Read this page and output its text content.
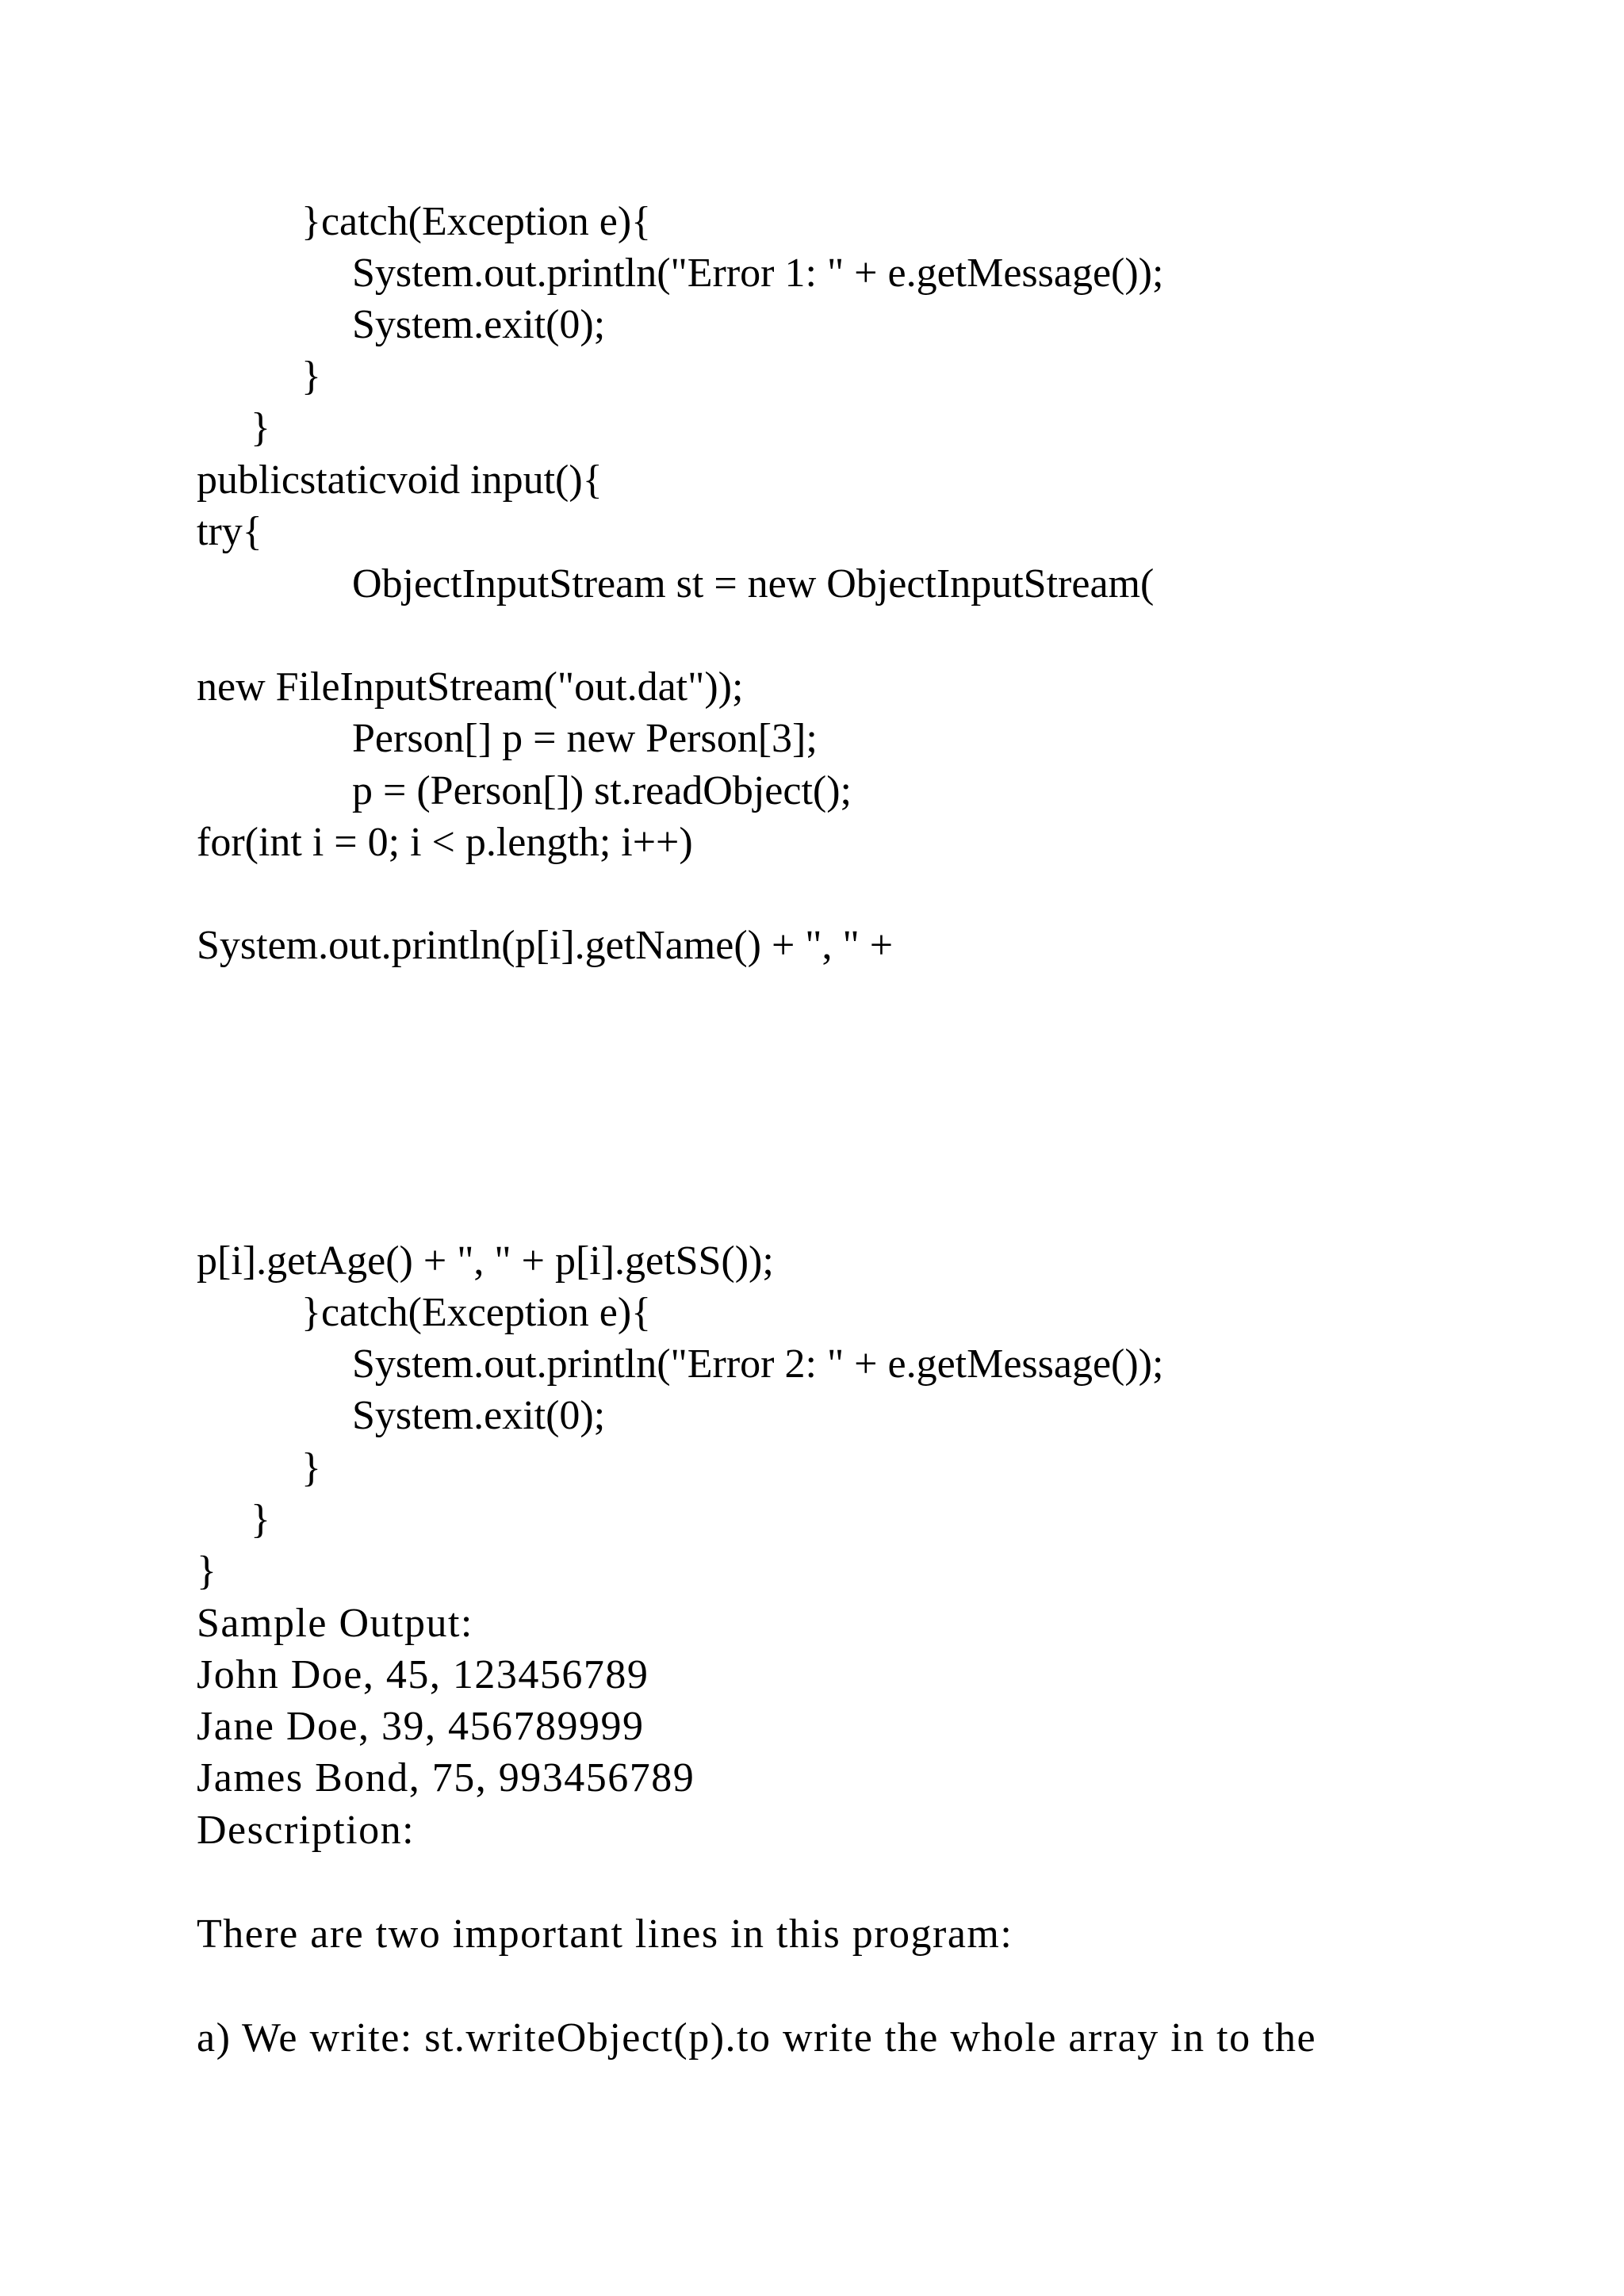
}catch(Exception e){

System.out.println("Error 1: " + e.getMessage());

System.exit(0);

}

}

publicstaticvoid input(){

try{

ObjectInputStream st = new ObjectInputStream(

new FileInputStream("out.dat"));

Person[] p = new Person[3];

p = (Person[]) st.readObject();

for(int i = 0; i < p.length; i++)

System.out.println(p[i].getName() + ", " +

p[i].getAge() + ", " + p[i].getSS());

}catch(Exception e){

System.out.println("Error 2: " + e.getMessage());

System.exit(0);

}

}

}

Sample Output:

John Doe, 45, 123456789

Jane Doe, 39, 456789999

James Bond, 75, 993456789

Description:

There are two important lines in this program:

a) We write: st.writeObject(p).to write the whole array in to the
